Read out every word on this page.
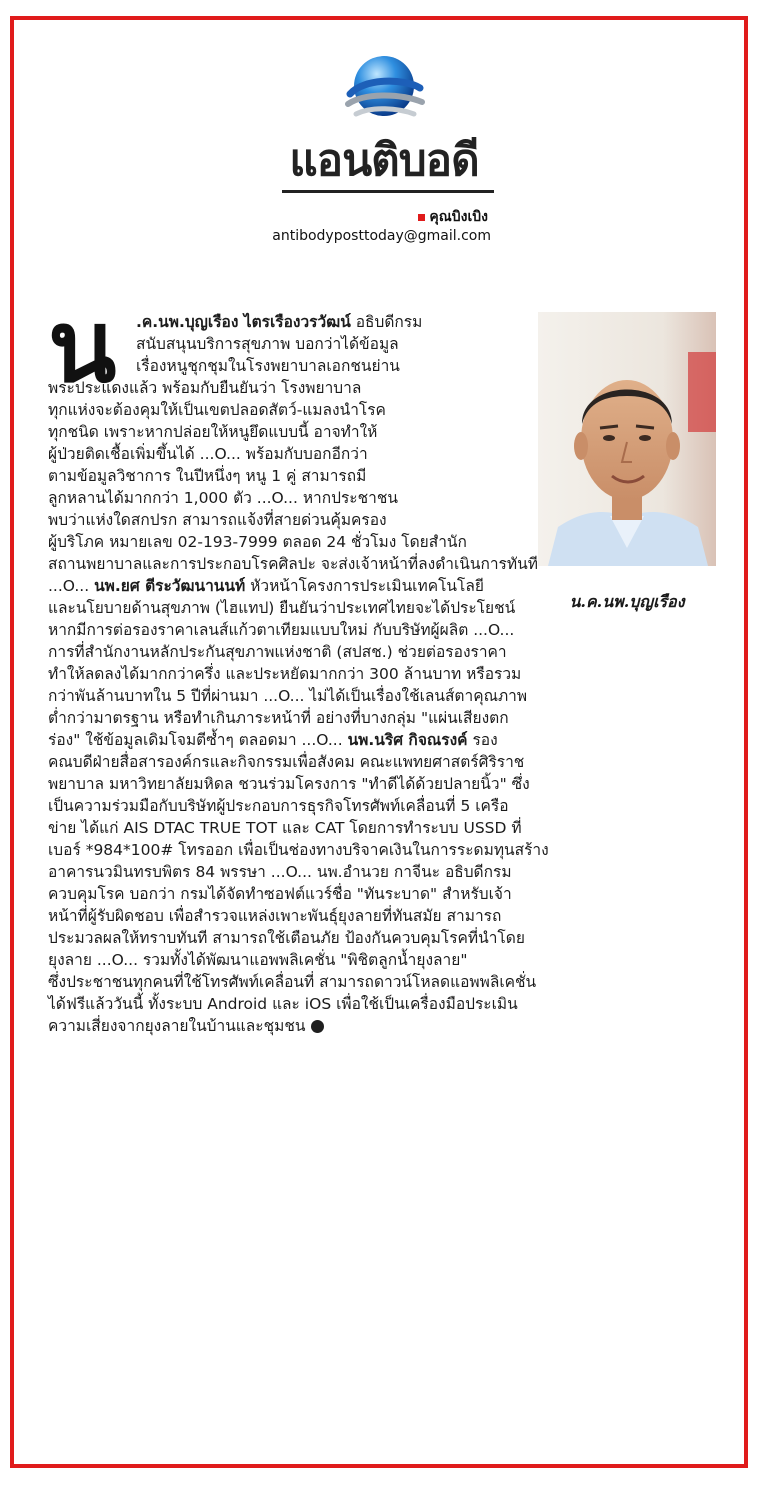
แอนติบอดี
คุณบิงเบิง
antibodyposttoday@gmail.com
น.ค.นพ.บุญเรือง
น .ค.นพ.บุญเรือง ไตรเรืองวรวัฒน์ อธิบดีกรม
สนับสนุนบริการสุขภาพ บอกว่าได้ข้อมูล
เรื่องหนูชุกชุมในโรงพยาบาลเอกชนย่าน
พระประแดงแล้ว พร้อมกับยืนยันว่า โรงพยาบาล
ทุกแห่งจะต้องคุมให้เป็นเขตปลอดสัตว์-แมลงนำโรค
ทุกชนิด เพราะหากปล่อยให้หนูยึดแบบนี้ อาจทำให้
ผู้ป่วยติดเชื้อเพิ่มขึ้นได้ ...O... พร้อมกับบอกอีกว่า
ตามข้อมูลวิชาการ ในปีหนึ่งๆ หนู 1 คู่ สามารถมี
ลูกหลานได้มากกว่า 1,000 ตัว ...O... หากประชาชน
พบว่าแห่งใดสกปรก สามารถแจ้งที่สายด่วนคุ้มครอง
ผู้บริโภค หมายเลข 02-193-7999 ตลอด 24 ชั่วโมง โดยสำนัก
สถานพยาบาลและการประกอบโรคศิลปะ จะส่งเจ้าหน้าที่ลงดำเนินการทันที
...O... นพ.ยศ ตีระวัฒนานนท์ หัวหน้าโครงการประเมินเทคโนโลยี
และนโยบายด้านสุขภาพ (ไฮแทป) ยืนยันว่าประเทศไทยจะได้ประโยชน์
หากมีการต่อรองราคาเลนส์แก้วตาเทียมแบบใหม่ กับบริษัทผู้ผลิต ...O...
การที่สำนักงานหลักประกันสุขภาพแห่งชาติ (สปสช.) ช่วยต่อรองราคา
ทำให้ลดลงได้มากกว่าครึ่ง และประหยัดมากกว่า 300 ล้านบาท หรือรวม
กว่าพันล้านบาทใน 5 ปีที่ผ่านมา ...O... ไม่ได้เป็นเรื่องใช้เลนส์ตาคุณภาพ
ต่ำกว่ามาตรฐาน หรือทำเกินภาระหน้าที่ อย่างที่บางกลุ่ม "แผ่นเสียงตก
ร่อง" ใช้ข้อมูลเดิมโจมตีซ้ำๆ ตลอดมา ...O... นพ.นริศ กิจณรงค์ รอง
คณบดีฝ่ายสื่อสารองค์กรและกิจกรรมเพื่อสังคม คณะแพทยศาสตร์ศิริราช
พยาบาล มหาวิทยาลัยมหิดล ชวนร่วมโครงการ "ทำดีได้ด้วยปลายนิ้ว" ซึ่ง
เป็นความร่วมมือกับบริษัทผู้ประกอบการธุรกิจโทรศัพท์เคลื่อนที่ 5 เครือ
ข่าย ได้แก่ AIS DTAC TRUE TOT และ CAT โดยการทำระบบ USSD ที่
เบอร์ *984*100# โทรออก เพื่อเป็นช่องทางบริจาคเงินในการระดมทุนสร้าง
อาคารนวมินทรบพิตร 84 พรรษา ...O... นพ.อำนวย กาจีนะ อธิบดีกรม
ควบคุมโรค บอกว่า กรมได้จัดทำซอฟต์แวร์ชื่อ "ทันระบาด" สำหรับเจ้า
หน้าที่ผู้รับผิดชอบ เพื่อสำรวจแหล่งเพาะพันธุ์ยุงลายที่ทันสมัย สามารถ
ประมวลผลให้ทราบทันที สามารถใช้เตือนภัย ป้องกันควบคุมโรคที่นำโดย
ยุงลาย ...O... รวมทั้งได้พัฒนาแอพพลิเคชั่น "พิชิตลูกน้ำยุงลาย"
ซึ่งประชาชนทุกคนที่ใช้โทรศัพท์เคลื่อนที่ สามารถดาวน์โหลดแอพพลิเคชั่น
ได้ฟรีแล้ววันนี้ ทั้งระบบ Android และ iOS เพื่อใช้เป็นเครื่องมือประเมิน
ความเสี่ยงจากยุงลายในบ้านและชุมชน
